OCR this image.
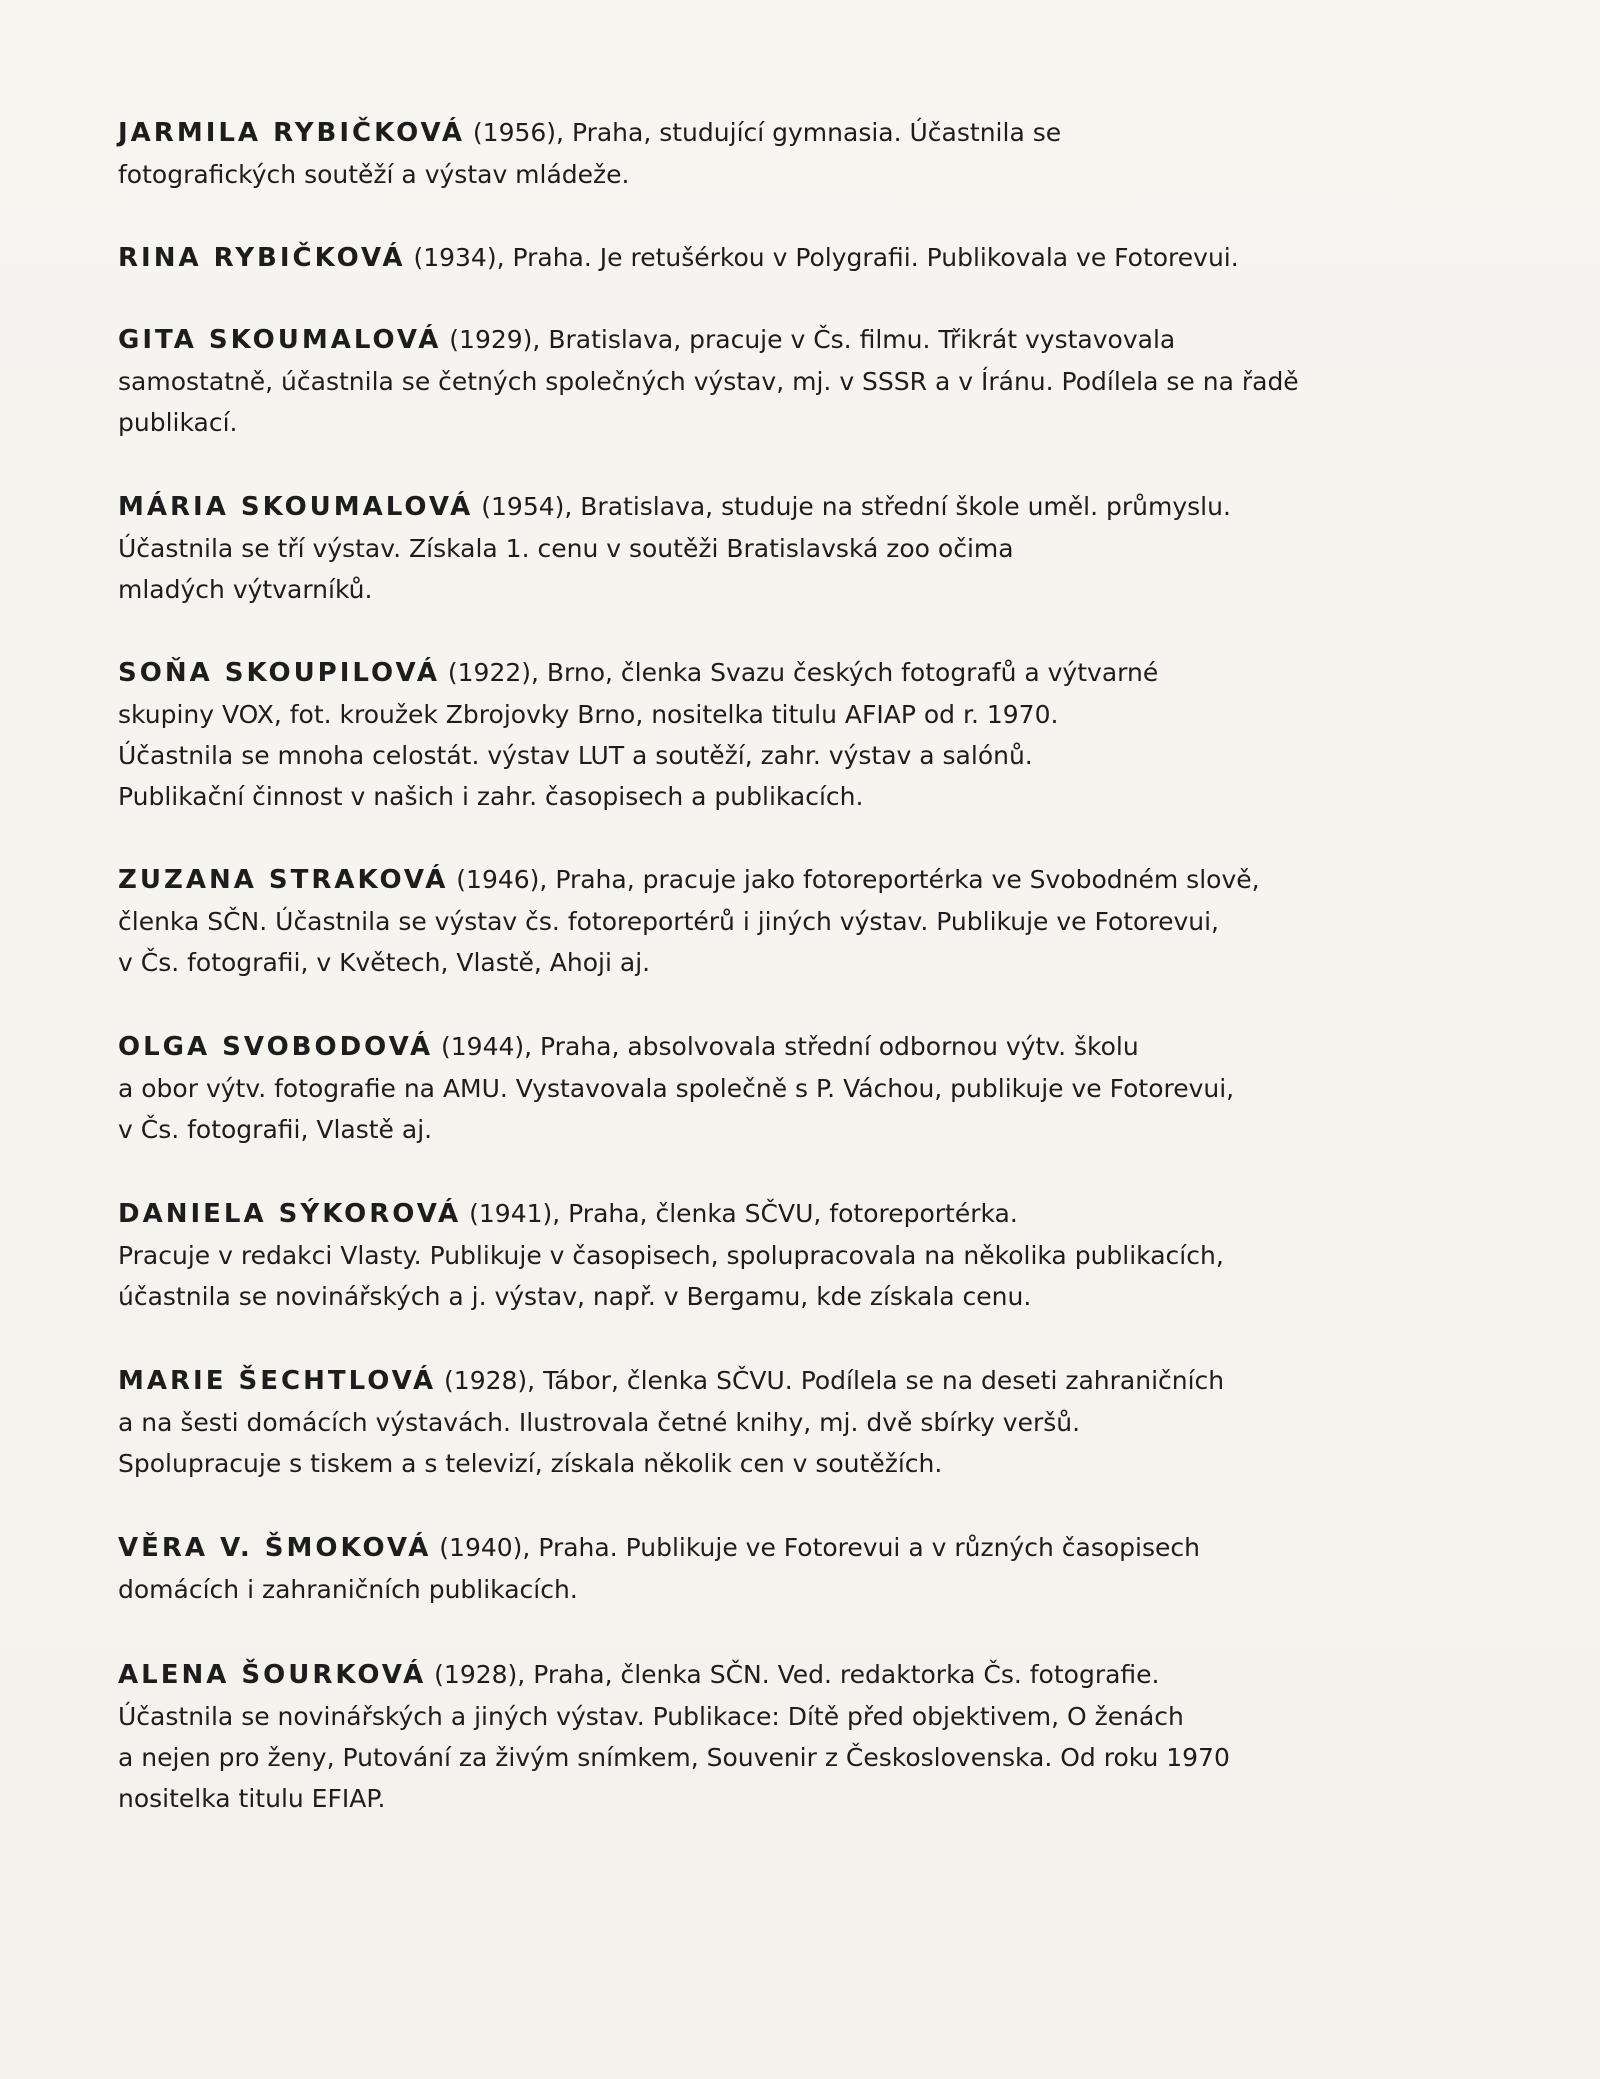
JARMILA RYBIČKOVÁ (1956), Praha, studující gymnasia. Účastnila se

fotografických soutěží a výstav mládeže.

RINA RYBIČKOVÁ (1934), Praha. Je retušérkou v Polygrafii. Publikovala ve Fotorevui.

GITA SKOUMALOVÁ (1929), Bratislava, pracuje v Čs. filmu. Třikrát vystavovala

samostatně, účastnila se četných společných výstav, mj. v SSSR a v Íránu. Podílela se na řadě

publikací.

MÁRIA SKOUMALOVÁ (1954), Bratislava, studuje na střední škole uměl. průmyslu.

Účastnila se tří výstav. Získala 1. cenu v soutěži Bratislavská zoo očima

mladých výtvarníků.

SOŇA SKOUPILOVÁ (1922), Brno, členka Svazu českých fotografů a výtvarné

skupiny VOX, fot. kroužek Zbrojovky Brno, nositelka titulu AFIAP od r. 1970.

Účastnila se mnoha celostát. výstav LUT a soutěží, zahr. výstav a salónů.

Publikační činnost v našich i zahr. časopisech a publikacích.

ZUZANA STRAKOVÁ (1946), Praha, pracuje jako fotoreportérka ve Svobodném slově,

členka SČN. Účastnila se výstav čs. fotoreportérů i jiných výstav. Publikuje ve Fotorevui,

v Čs. fotografii, v Květech, Vlastě, Ahoji aj.

OLGA SVOBODOVÁ (1944), Praha, absolvovala střední odbornou výtv. školu

a obor výtv. fotografie na AMU. Vystavovala společně s P. Váchou, publikuje ve Fotorevui,

v Čs. fotografii, Vlastě aj.

DANIELA SÝKOROVÁ (1941), Praha, členka SČVU, fotoreportérka.

Pracuje v redakci Vlasty. Publikuje v časopisech, spolupracovala na několika publikacích,

účastnila se novinářských a j. výstav, např. v Bergamu, kde získala cenu.

MARIE ŠECHTLOVÁ (1928), Tábor, členka SČVU. Podílela se na deseti zahraničních

a na šesti domácích výstavách. Ilustrovala četné knihy, mj. dvě sbírky veršů.

Spolupracuje s tiskem a s televizí, získala několik cen v soutěžích.

VĚRA V. ŠMOKOVÁ (1940), Praha. Publikuje ve Fotorevui a v různých časopisech

domácích i zahraničních publikacích.

ALENA ŠOURKOVÁ (1928), Praha, členka SČN. Ved. redaktorka Čs. fotografie.

Účastnila se novinářských a jiných výstav. Publikace: Dítě před objektivem, O ženách

a nejen pro ženy, Putování za živým snímkem, Souvenir z Československa. Od roku 1970

nositelka titulu EFIAP.
